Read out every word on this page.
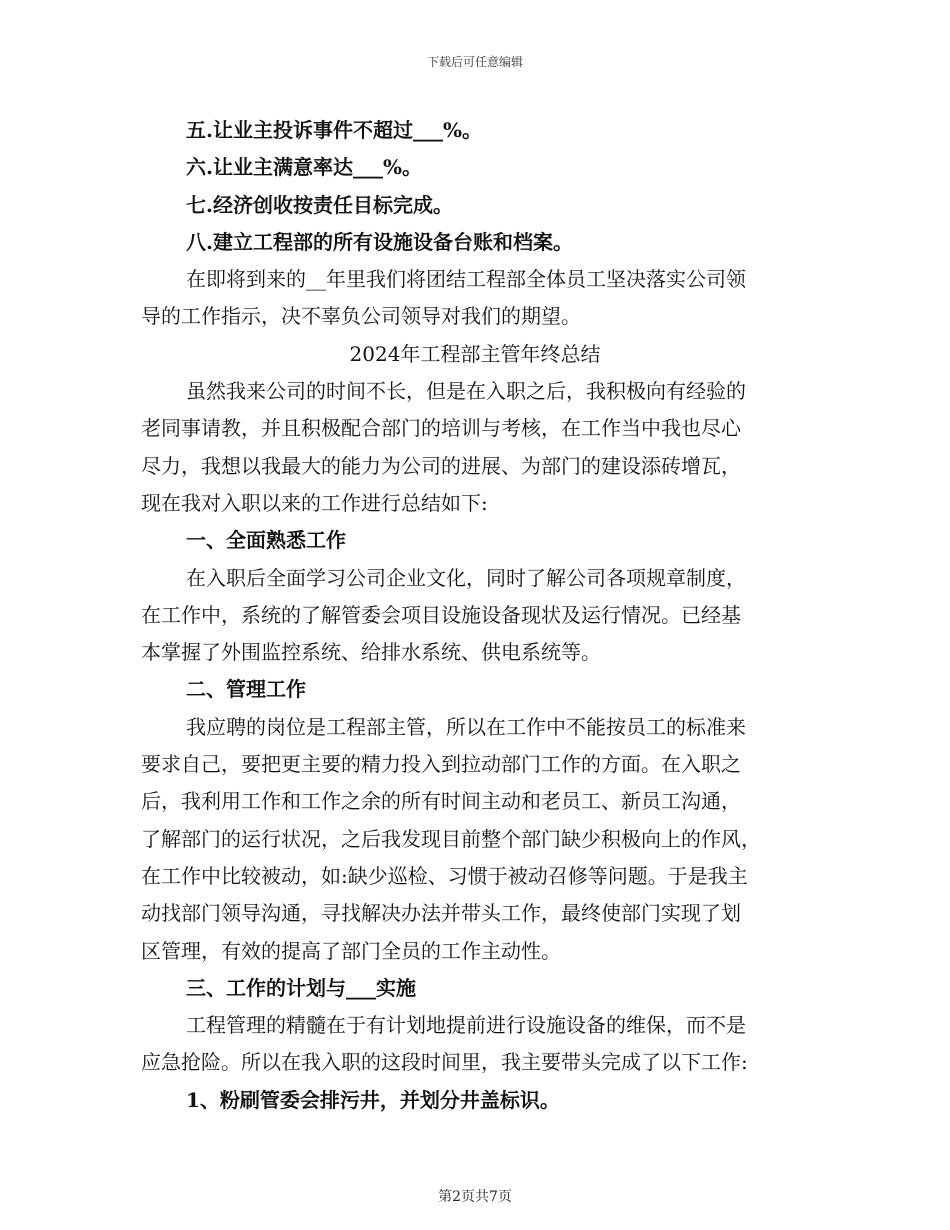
下载后可任意编辑
五.让业主投诉事件不超过___%。
六.让业主满意率达___%。
七.经济创收按责任目标完成。
八.建立工程部的所有设施设备台账和档案。
在即将到来的__年里我们将团结工程部全体员工坚决落实公司领
导的工作指示，决不辜负公司领导对我们的期望。
2024年工程部主管年终总结
虽然我来公司的时间不长，但是在入职之后，我积极向有经验的
老同事请教，并且积极配合部门的培训与考核，在工作当中我也尽心
尽力，我想以我最大的能力为公司的进展、为部门的建设添砖增瓦，
现在我对入职以来的工作进行总结如下:
一、全面熟悉工作
在入职后全面学习公司企业文化，同时了解公司各项规章制度，
在工作中，系统的了解管委会项目设施设备现状及运行情况。已经基
本掌握了外围监控系统、给排水系统、供电系统等。
二、管理工作
我应聘的岗位是工程部主管，所以在工作中不能按员工的标准来
要求自己，要把更主要的精力投入到拉动部门工作的方面。在入职之
后，我利用工作和工作之余的所有时间主动和老员工、新员工沟通，
了解部门的运行状况，之后我发现目前整个部门缺少积极向上的作风，
在工作中比较被动，如:缺少巡检、习惯于被动召修等问题。于是我主
动找部门领导沟通，寻找解决办法并带头工作，最终使部门实现了划
区管理，有效的提高了部门全员的工作主动性。
三、工作的计划与___实施
工程管理的精髓在于有计划地提前进行设施设备的维保，而不是
应急抢险。所以在我入职的这段时间里，我主要带头完成了以下工作:
1、粉刷管委会排污井，并划分井盖标识。
第2页共7页
